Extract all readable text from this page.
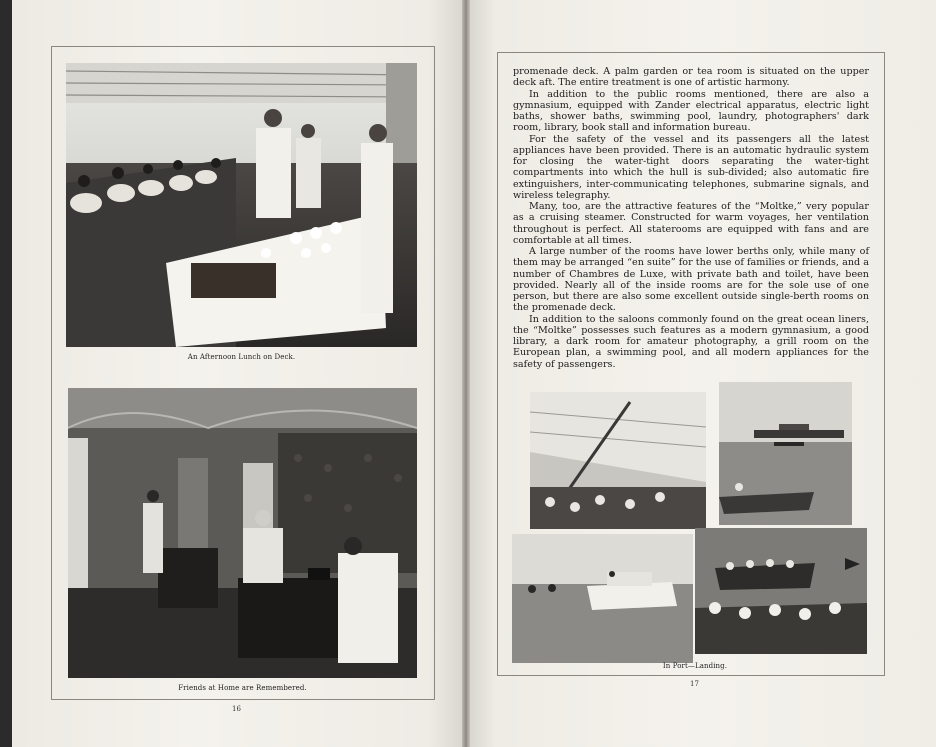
An Afternoon Lunch on Deck.
Friends at Home are Remembered.
16

promenade deck. A palm garden or tea room is situated on the upper deck aft. The entire treatment is one of artistic harmony.

In addition to the public rooms mentioned, there are also a gymnasium, equipped with Zander electrical apparatus, electric light baths, shower baths, swimming pool, laundry, photographers' dark room, library, book stall and information bureau.

For the safety of the vessel and its passengers all the latest appliances have been provided. There is an automatic hydraulic system for closing the water-tight doors separating the water-tight compartments into which the hull is sub-divided; also automatic fire extinguishers, inter-communicating telephones, submarine signals, and wireless telegraphy.

Many, too, are the attractive features of the “Moltke,” very popular as a cruising steamer. Constructed for warm voyages, her ventilation throughout is perfect. All staterooms are equipped with fans and are comfortable at all times.

A large number of the rooms have lower berths only, while many of them may be arranged “en suite” for the use of families or friends, and a number of Chambres de Luxe, with private bath and toilet, have been provided. Nearly all of the inside rooms are for the sole use of one person, but there are also some excellent outside single-berth rooms on the promenade deck.

In addition to the saloons commonly found on the great ocean liners, the “Moltke” possesses such features as a modern gymnasium, a good library, a dark room for amateur photography, a grill room on the European plan, a swimming pool, and all modern appliances for the safety of passengers.

In Port—Landing.
17
